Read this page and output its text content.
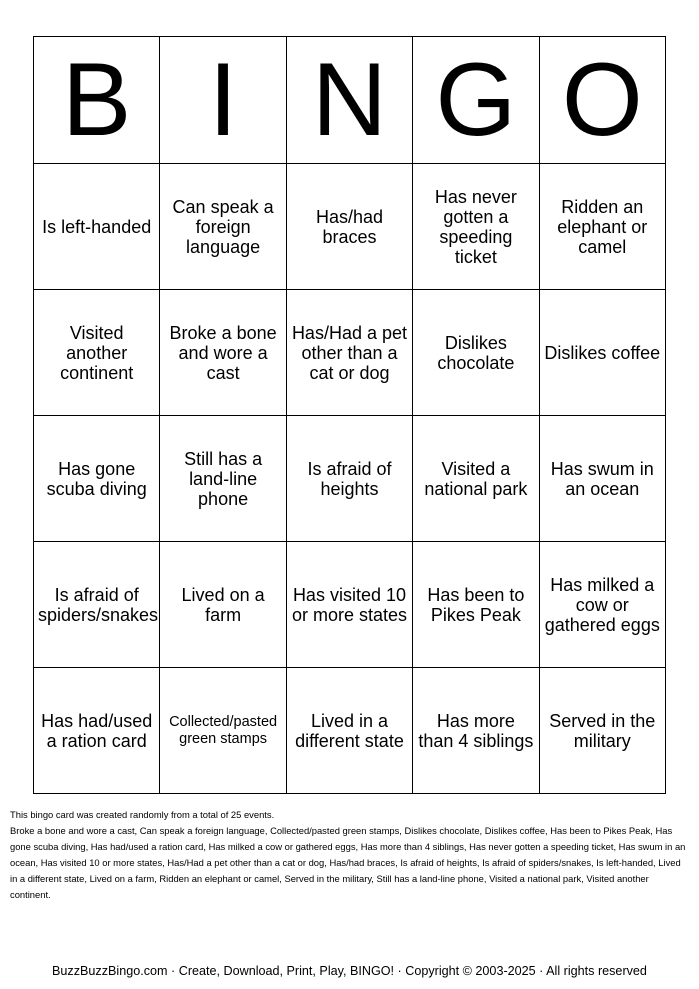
B	I	N	G	O
Is left-handed	Can speak a foreign language	Has/had braces	Has never gotten a speeding ticket	Ridden an elephant or camel
Visited another continent	Broke a bone and wore a cast	Has/Had a pet other than a cat or dog	Dislikes chocolate	Dislikes coffee
Has gone scuba diving	Still has a land-line phone	Is afraid of heights	Visited a national park	Has swum in an ocean
Is afraid of spiders/snakes	Lived on a farm	Has visited 10 or more states	Has been to Pikes Peak	Has milked a cow or gathered eggs
Has had/used a ration card	Collected/pasted green stamps	Lived in a different state	Has more than 4 siblings	Served in the military

This bingo card was created randomly from a total of 25 events.

Broke a bone and wore a cast, Can speak a foreign language, Collected/pasted green stamps, Dislikes chocolate, Dislikes coffee, Has been to Pikes Peak, Has gone scuba diving, Has had/used a ration card, Has milked a cow or gathered eggs, Has more than 4 siblings, Has never gotten a speeding ticket, Has swum in an ocean, Has visited 10 or more states, Has/Had a pet other than a cat or dog, Has/had braces, Is afraid of heights, Is afraid of spiders/snakes, Is left-handed, Lived in a different state, Lived on a farm, Ridden an elephant or camel, Served in the military, Still has a land-line phone, Visited a national park, Visited another continent.

BuzzBuzzBingo.com · Create, Download, Print, Play, BINGO! · Copyright © 2003-2025 · All rights reserved
